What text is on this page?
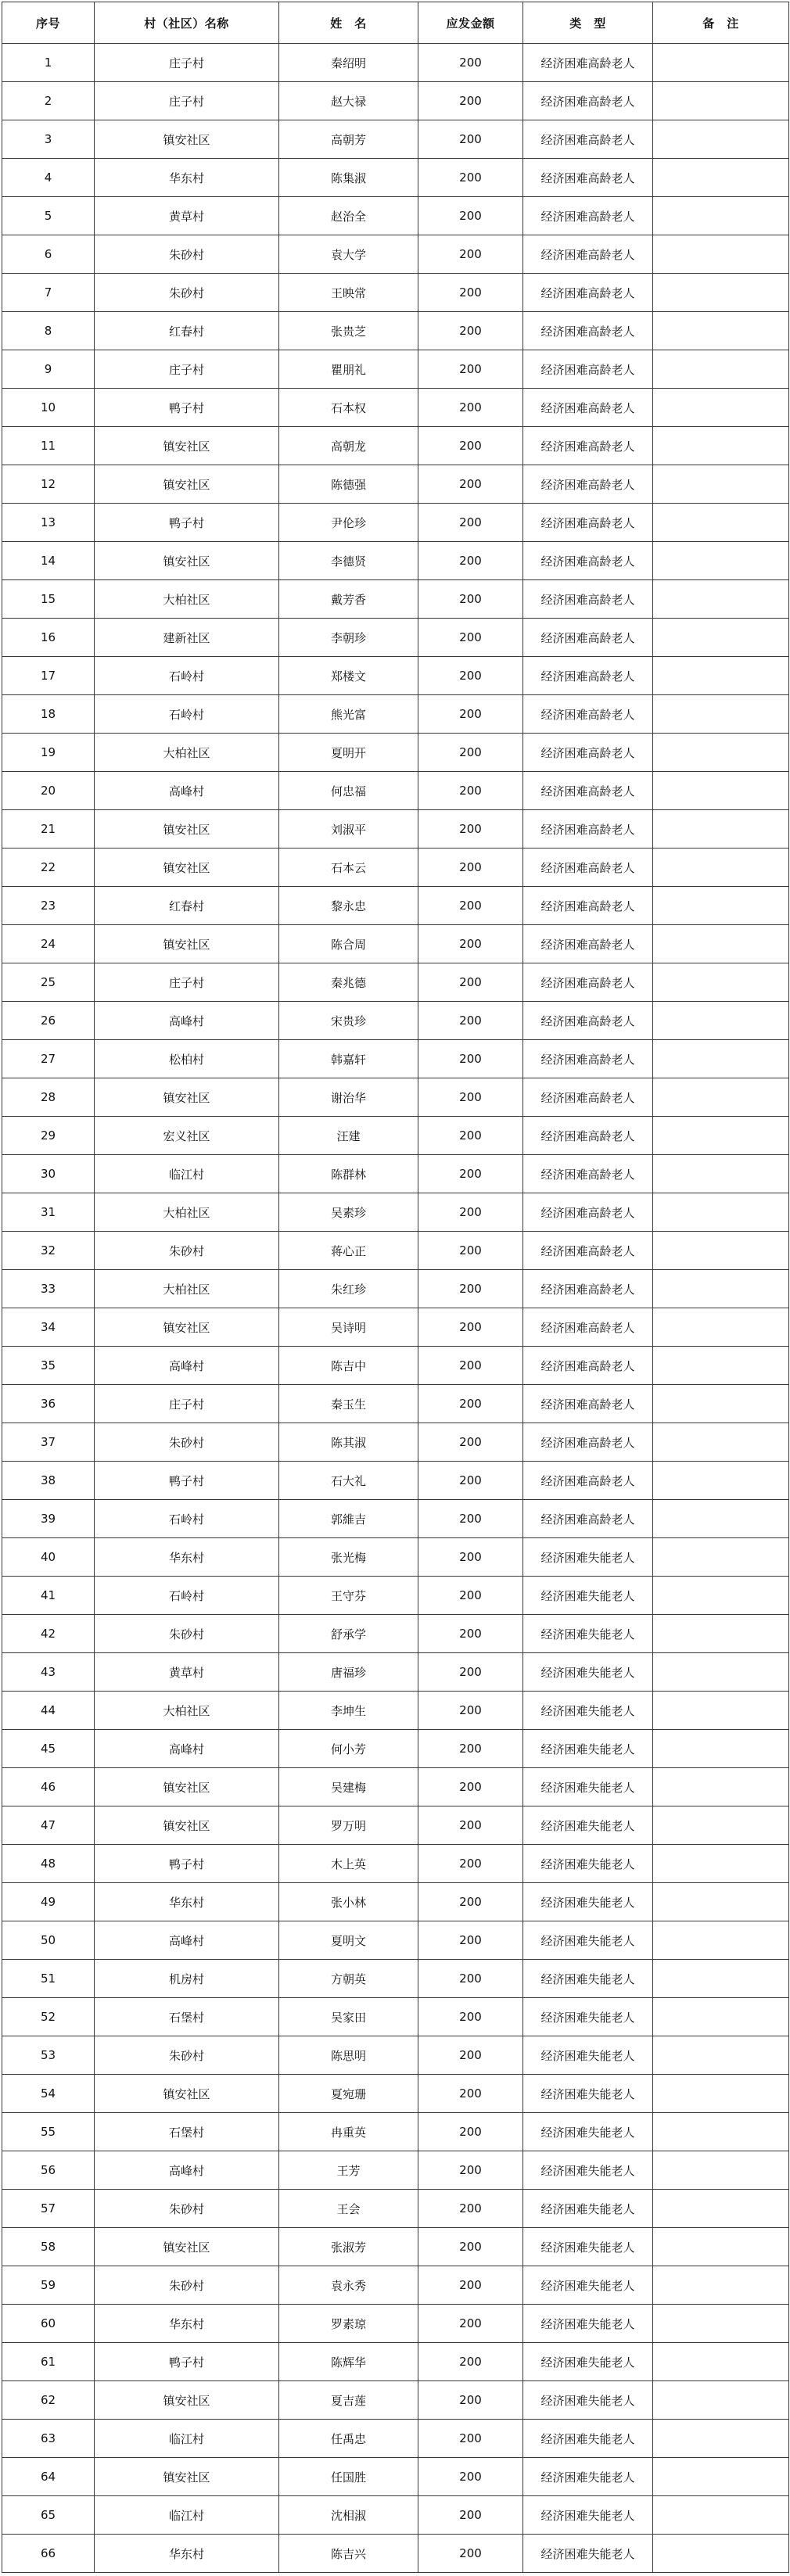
序号	村（社区）名称	姓　名	应发金额	类　型	备　注
1	庄子村	秦绍明	200	经济困难高龄老人	
2	庄子村	赵大禄	200	经济困难高龄老人	
3	镇安社区	高朝芳	200	经济困难高龄老人	
4	华东村	陈集淑	200	经济困难高龄老人	
5	黄草村	赵治全	200	经济困难高龄老人	
6	朱砂村	袁大学	200	经济困难高龄老人	
7	朱砂村	王映常	200	经济困难高龄老人	
8	红春村	张贵芝	200	经济困难高龄老人	
9	庄子村	瞿朋礼	200	经济困难高龄老人	
10	鸭子村	石本权	200	经济困难高龄老人	
11	镇安社区	高朝龙	200	经济困难高龄老人	
12	镇安社区	陈德强	200	经济困难高龄老人	
13	鸭子村	尹伦珍	200	经济困难高龄老人	
14	镇安社区	李德贤	200	经济困难高龄老人	
15	大柏社区	戴芳香	200	经济困难高龄老人	
16	建新社区	李朝珍	200	经济困难高龄老人	
17	石岭村	郑楼文	200	经济困难高龄老人	
18	石岭村	熊光富	200	经济困难高龄老人	
19	大柏社区	夏明开	200	经济困难高龄老人	
20	高峰村	何忠福	200	经济困难高龄老人	
21	镇安社区	刘淑平	200	经济困难高龄老人	
22	镇安社区	石本云	200	经济困难高龄老人	
23	红春村	黎永忠	200	经济困难高龄老人	
24	镇安社区	陈合周	200	经济困难高龄老人	
25	庄子村	秦兆德	200	经济困难高龄老人	
26	高峰村	宋贵珍	200	经济困难高龄老人	
27	松柏村	韩嘉轩	200	经济困难高龄老人	
28	镇安社区	谢治华	200	经济困难高龄老人	
29	宏义社区	汪建	200	经济困难高龄老人	
30	临江村	陈群林	200	经济困难高龄老人	
31	大柏社区	吴素珍	200	经济困难高龄老人	
32	朱砂村	蒋心正	200	经济困难高龄老人	
33	大柏社区	朱红珍	200	经济困难高龄老人	
34	镇安社区	吴诗明	200	经济困难高龄老人	
35	高峰村	陈吉中	200	经济困难高龄老人	
36	庄子村	秦玉生	200	经济困难高龄老人	
37	朱砂村	陈其淑	200	经济困难高龄老人	
38	鸭子村	石大礼	200	经济困难高龄老人	
39	石岭村	郭維吉	200	经济困难高龄老人	
40	华东村	张光梅	200	经济困难失能老人	
41	石岭村	王守芬	200	经济困难失能老人	
42	朱砂村	舒承学	200	经济困难失能老人	
43	黄草村	唐福珍	200	经济困难失能老人	
44	大柏社区	李坤生	200	经济困难失能老人	
45	高峰村	何小芳	200	经济困难失能老人	
46	镇安社区	吴建梅	200	经济困难失能老人	
47	镇安社区	罗万明	200	经济困难失能老人	
48	鸭子村	木上英	200	经济困难失能老人	
49	华东村	张小林	200	经济困难失能老人	
50	高峰村	夏明文	200	经济困难失能老人	
51	机房村	方朝英	200	经济困难失能老人	
52	石堡村	吴家田	200	经济困难失能老人	
53	朱砂村	陈思明	200	经济困难失能老人	
54	镇安社区	夏宛珊	200	经济困难失能老人	
55	石堡村	冉重英	200	经济困难失能老人	
56	高峰村	王芳	200	经济困难失能老人	
57	朱砂村	王会	200	经济困难失能老人	
58	镇安社区	张淑芳	200	经济困难失能老人	
59	朱砂村	袁永秀	200	经济困难失能老人	
60	华东村	罗素琼	200	经济困难失能老人	
61	鸭子村	陈辉华	200	经济困难失能老人	
62	镇安社区	夏吉莲	200	经济困难失能老人	
63	临江村	任禹忠	200	经济困难失能老人	
64	镇安社区	任国胜	200	经济困难失能老人	
65	临江村	沈相淑	200	经济困难失能老人	
66	华东村	陈吉兴	200	经济困难失能老人	
